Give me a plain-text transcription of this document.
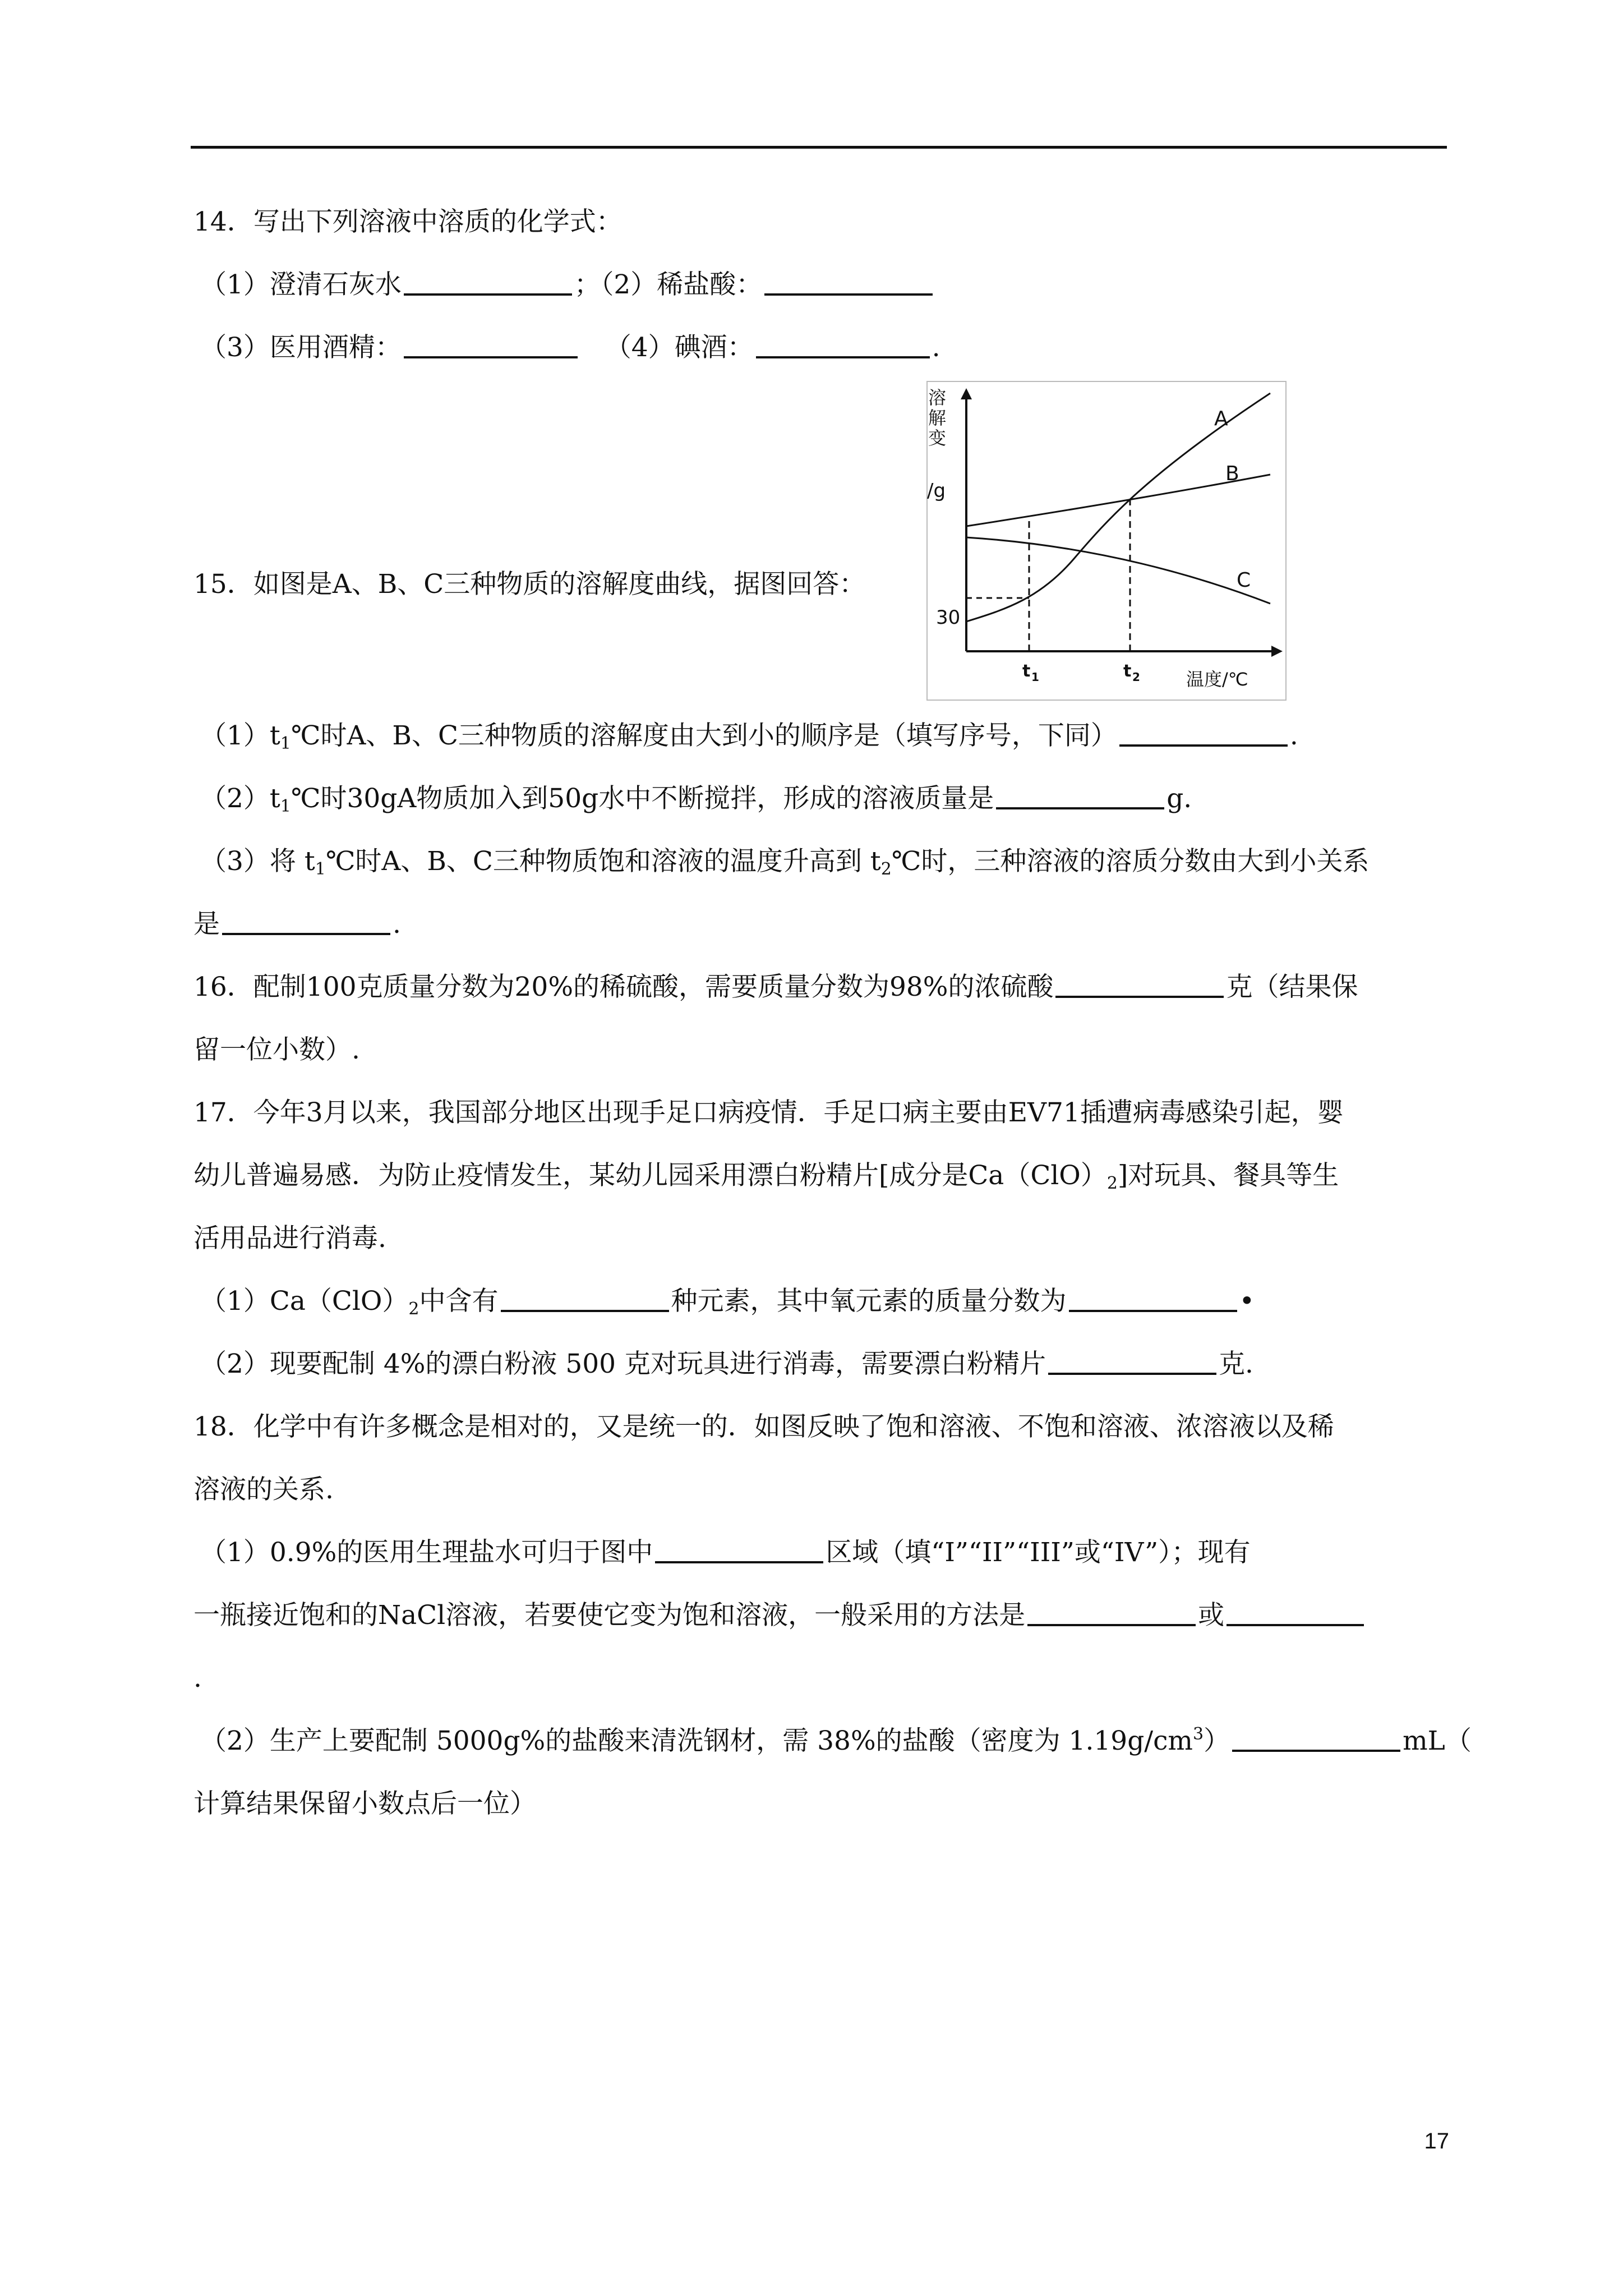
14．写出下列溶液中溶质的化学式：
（1）澄清石灰水	；（2）稀盐酸：
（3）医用酒精：	（4）碘酒：	.
15．如图是A、B、C三种物质的溶解度曲线，据图回答：
溶
解
变
/g
温度/℃
t 1	t 2
30
A
B
C
$(1)t_1℃$时A、B、C三种物质的溶解度由大到小的顺序是（填写序号，下同）	.
$(2)t_1℃$时30gA物质加入到50g水中不断搅拌，形成的溶液质量是	g.
（3）将 $t_1℃$时A、B、C三种物质饱和溶液的温度升高到 $t_2℃$时，三种溶液的溶质分数由大到小关系
是	.
16．配制100克质量分数为20%的稀硫酸，需要质量分数为98%的浓硫酸	克（结果保
留一位小数）.
17．今年3月以来，我国部分地区出现手足口病疫情．手足口病主要由EV71插遭病毒感染引起，婴
幼儿普遍易感．为防止疫情发生，某幼儿园采用漂白粉精片[成分是$Ca(ClO)_2$]对玩具、餐具等生
活用品进行消毒.
$(1)Ca(ClO)_2$中含有	种元素，其中氧元素的质量分数为	•
（2）现要配制 4%的漂白粉液 500 克对玩具进行消毒，需要漂白粉精片	克.
18．化学中有许多概念是相对的，又是统一的．如图反映了饱和溶液、不饱和溶液、浓溶液以及稀
溶液的关系.
（1）0.9%的医用生理盐水可归于图中	区域（填“I”“II”“III”或“IV”）；现有
一瓶接近饱和的NaCl溶液，若要使它变为饱和溶液，一般采用的方法是	或
.
（2）生产上要配制 5000g%的盐酸来清洗钢材，需 38%的盐酸（密度为 $1.19g/cm^3$）	mL（
计算结果保留小数点后一位）
17
